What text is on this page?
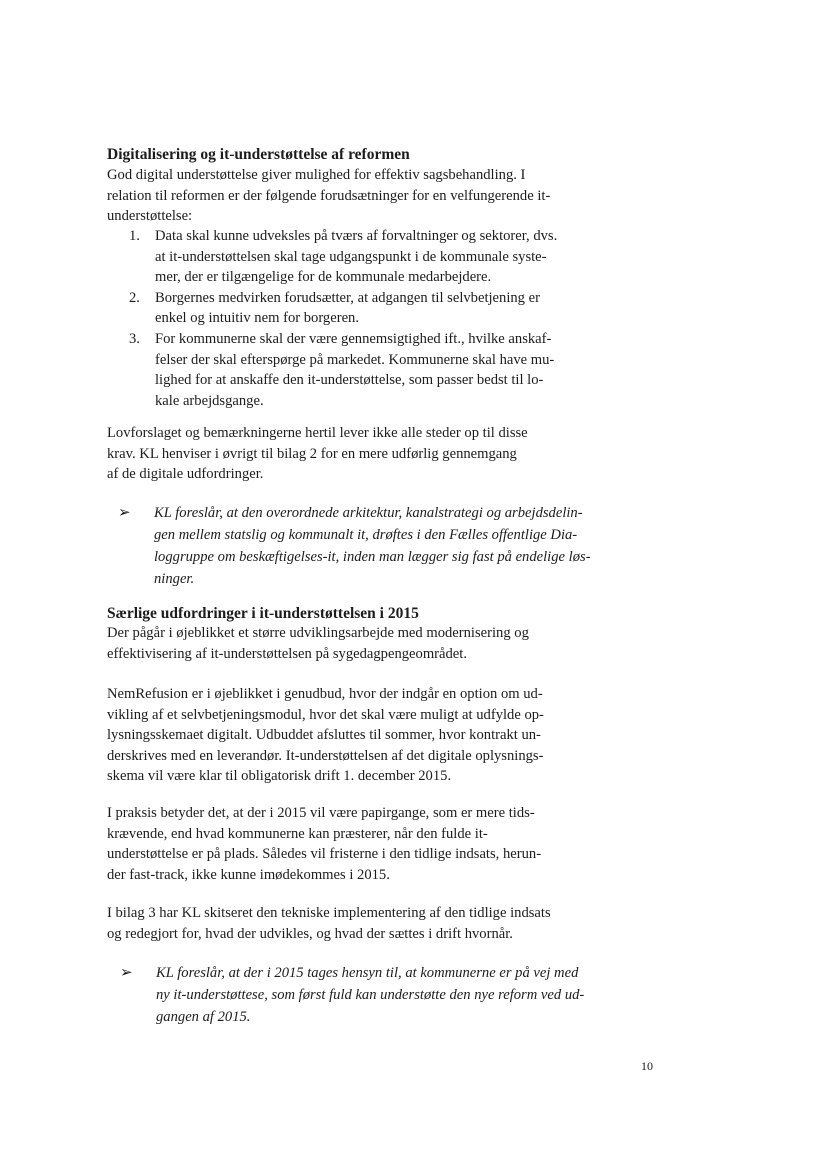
Digitalisering og it-understøttelse af reformen

God digital understøttelse giver mulighed for effektiv sagsbehandling. I
relation til reformen er der følgende forudsætninger for en velfungerende it-
understøttelse:

1. Data skal kunne udveksles på tværs af forvaltninger og sektorer, dvs.
at it-understøttelsen skal tage udgangspunkt i de kommunale syste-
mer, der er tilgængelige for de kommunale medarbejdere.
2. Borgernes medvirken forudsætter, at adgangen til selvbetjening er
enkel og intuitiv nem for borgeren.
3. For kommunerne skal der være gennemsigtighed ift., hvilke anskaf-
felser der skal efterspørge på markedet. Kommunerne skal have mu-
lighed for at anskaffe den it-understøttelse, som passer bedst til lo-
kale arbejdsgange.

Lovforslaget og bemærkningerne hertil lever ikke alle steder op til disse
krav. KL henviser i øvrigt til bilag 2 for en mere udførlig gennemgang
af de digitale udfordringer.

➢ KL foreslår, at den overordnede arkitektur, kanalstrategi og arbejdsdelin-
gen mellem statslig og kommunalt it, drøftes i den Fælles offentlige Dia-
loggruppe om beskæftigelses-it, inden man lægger sig fast på endelige løs-
ninger.
Særlige udfordringer i it-understøttelsen i 2015

Der pågår i øjeblikket et større udviklingsarbejde med modernisering og
effektivisering af it-understøttelsen på sygedagpengeområdet.

NemRefusion er i øjeblikket i genudbud, hvor der indgår en option om ud-
vikling af et selvbetjeningsmodul, hvor det skal være muligt at udfylde op-
lysningsskemaet digitalt. Udbuddet afsluttes til sommer, hvor kontrakt un-
derskrives med en leverandør. It-understøttelsen af det digitale oplysnings-
skema vil være klar til obligatorisk drift 1. december 2015.

I praksis betyder det, at der i 2015 vil være papirgange, som er mere tids-
krævende, end hvad kommunerne kan præsterer, når den fulde it-
understøttelse er på plads. Således vil fristerne i den tidlige indsats, herun-
der fast-track, ikke kunne imødekommes i 2015.

I bilag 3 har KL skitseret den tekniske implementering af den tidlige indsats
og redegjort for, hvad der udvikles, og hvad der sættes i drift hvornår.

➢ KL foreslår, at der i 2015 tages hensyn til, at kommunerne er på vej med
ny it-understøttese, som først fuld kan understøtte den nye reform ved ud-
gangen af 2015.
10
